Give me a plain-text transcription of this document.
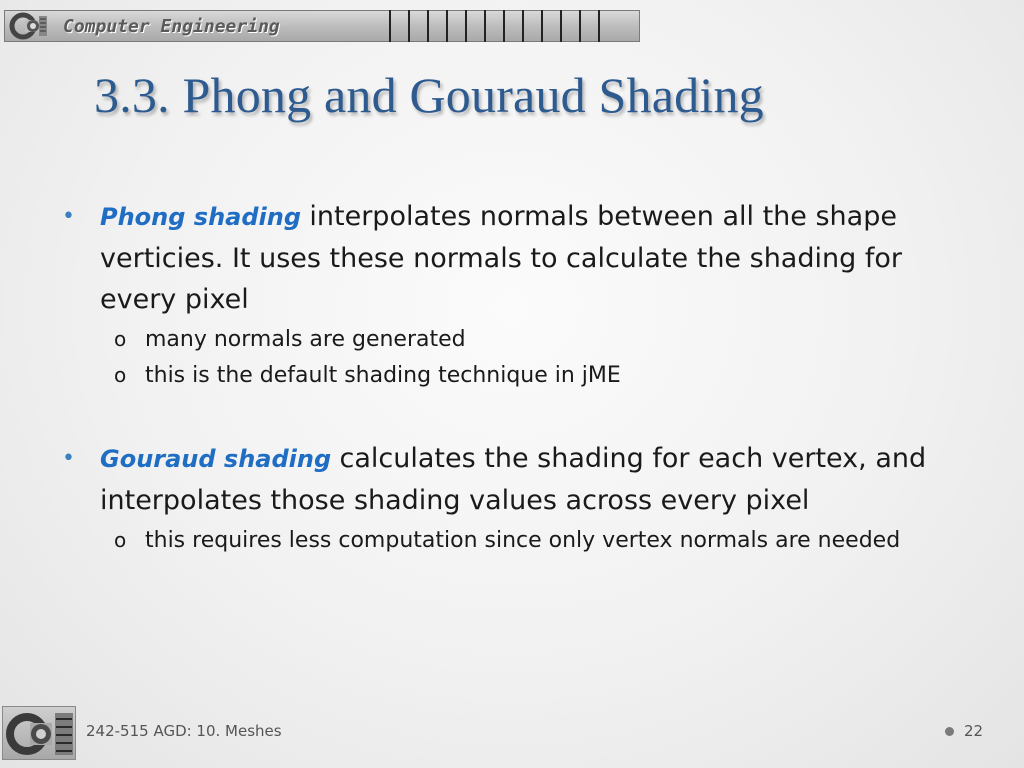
Computer Engineering
3.3. Phong and Gouraud Shading
• Phong shading interpolates normals between all the shape verticies. It uses these normals to calculate the shading for every pixel
o many normals are generated
o this is the default shading technique in jME
• Gouraud shading calculates the shading for each vertex, and interpolates those shading values across every pixel
o this requires less computation since only vertex normals are needed
242-515 AGD: 10. Meshes	22
